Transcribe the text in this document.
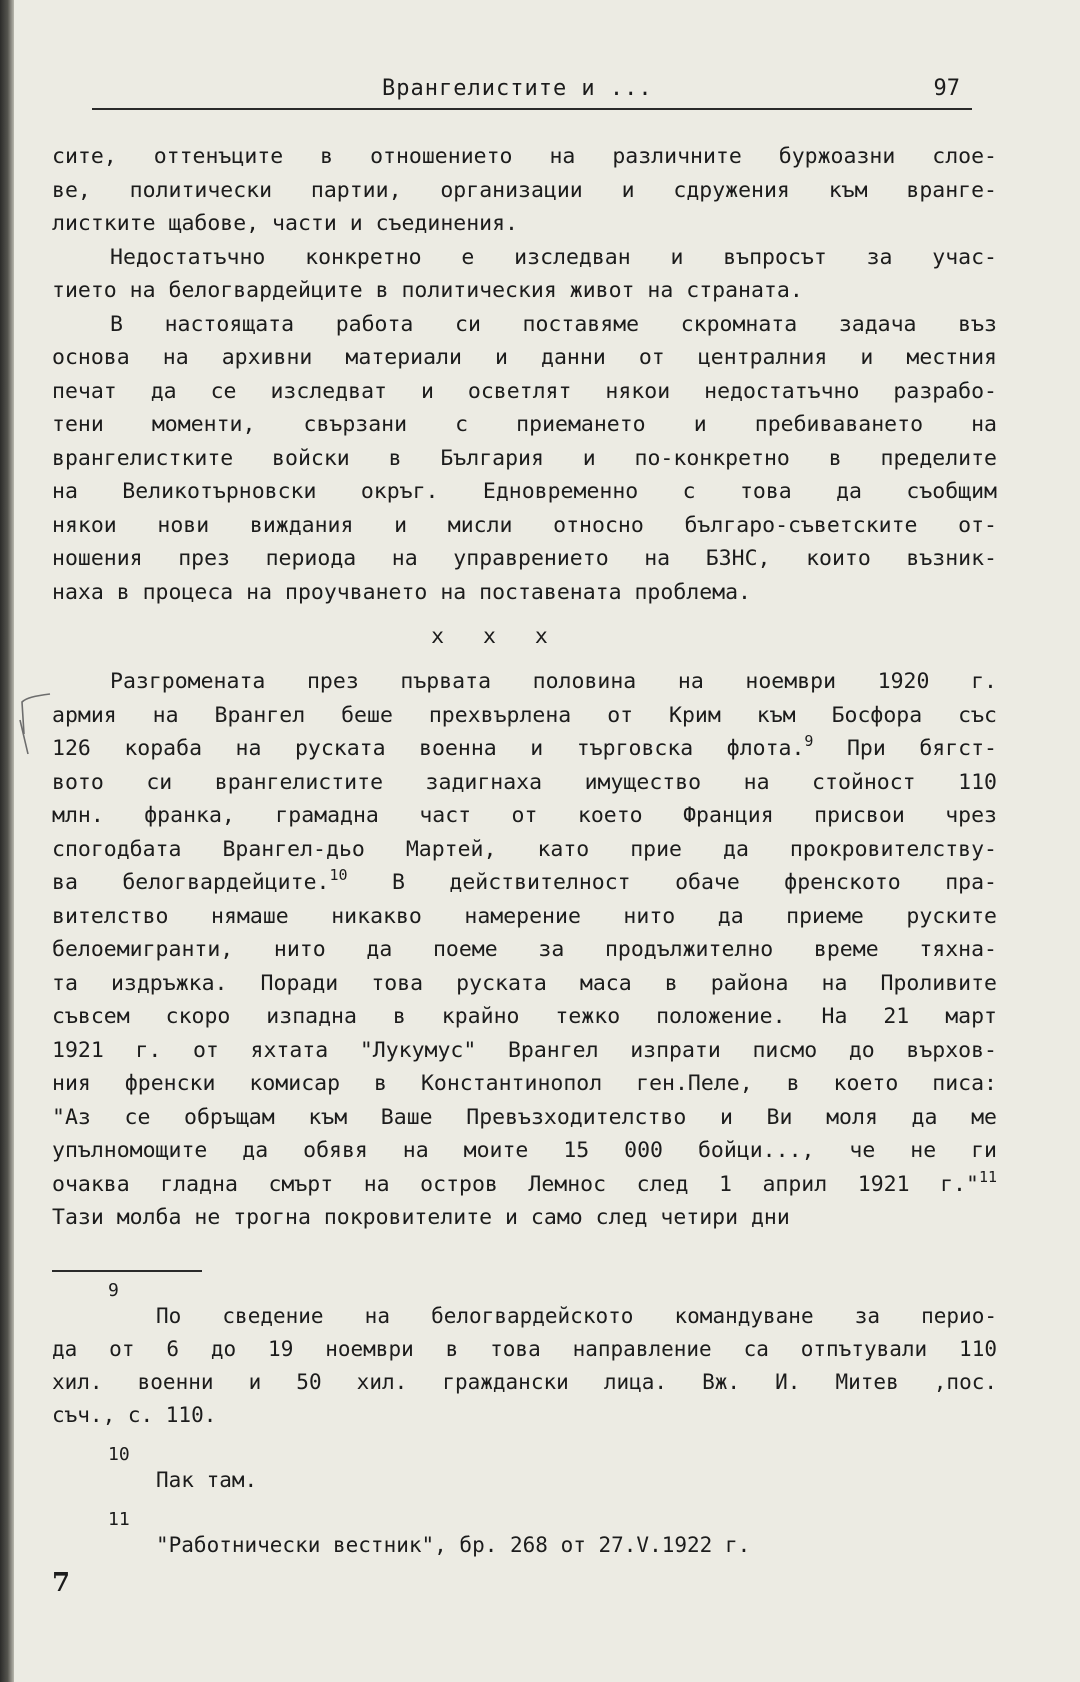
Врангелистите и ...	97
сите, оттенъците в отношението на различните буржоазни слое-
ве, политически партии, организации и сдружения към вранге-
листките щабове, части и съединения.
Недостатъчно конкретно е изследван и въпросът за учас-
тието на белогвардейците в политическия живот на страната.
В настоящата работа си поставяме скромната задача въз
основа на архивни материали и данни от централния и местния
печат да се изследват и осветлят някои недостатъчно разрабо-
тени моменти, свързани с приемането и пребиваването на
врангелистките войски в България и по-конкретно в пределите
на Великотърновски окръг. Едновременно с това да съобщим
някои нови виждания и мисли относно българо-съветските от-
ношения през периода на управрението на БЗНС, които възник-
наха в процеса на проучването на поставената проблема.
x x x
Разгромената през първата половина на ноември 1920 г.
армия на Врангел беше прехвърлена от Крим към Босфора със
126 кораба на руската военна и търговска флота.$^9$ При бягст-
вото си врангелистите задигнаха имущество на стойност 110
млн. франка, грамадна част от което Франция присвои чрез
спогодбата Врангел-дьо Мартей, като прие да прокровителству-
ва белогвардейците.$^{10}$ В действителност обаче френското пра-
вителство нямаше никакво намерение нито да приеме руските
белоемигранти, нито да поеме за продължително време тяхна-
та издръжка. Поради това руската маса в района на Проливите
съвсем скоро изпадна в крайно тежко положение. На 21 март
1921 г. от яхтата "Лукумус" Врангел изпрати писмо до върхов-
ния френски комисар в Константинопол ген.Пеле, в което писа:
"Аз се обръщам към Ваше Превъзходителство и Ви моля да ме
упълномощите да обявя на моите 15 000 бойци..., че не ги
очаква гладна смърт на остров Лемнос след 1 април 1921 г."$^{11}$
Тази молба не трогна покровителите и само след четири дни
9
По сведение на белогвардейското командуване за перио-
да от 6 до 19 ноември в това направление са отпътували 110
хил. военни и 50 хил. граждански лица. Вж. И. Митев ,пос.
съч., с. 110.
10
Пак там.
11
"Работнически вестник", бр. 268 от 27.V.1922 г.
7
